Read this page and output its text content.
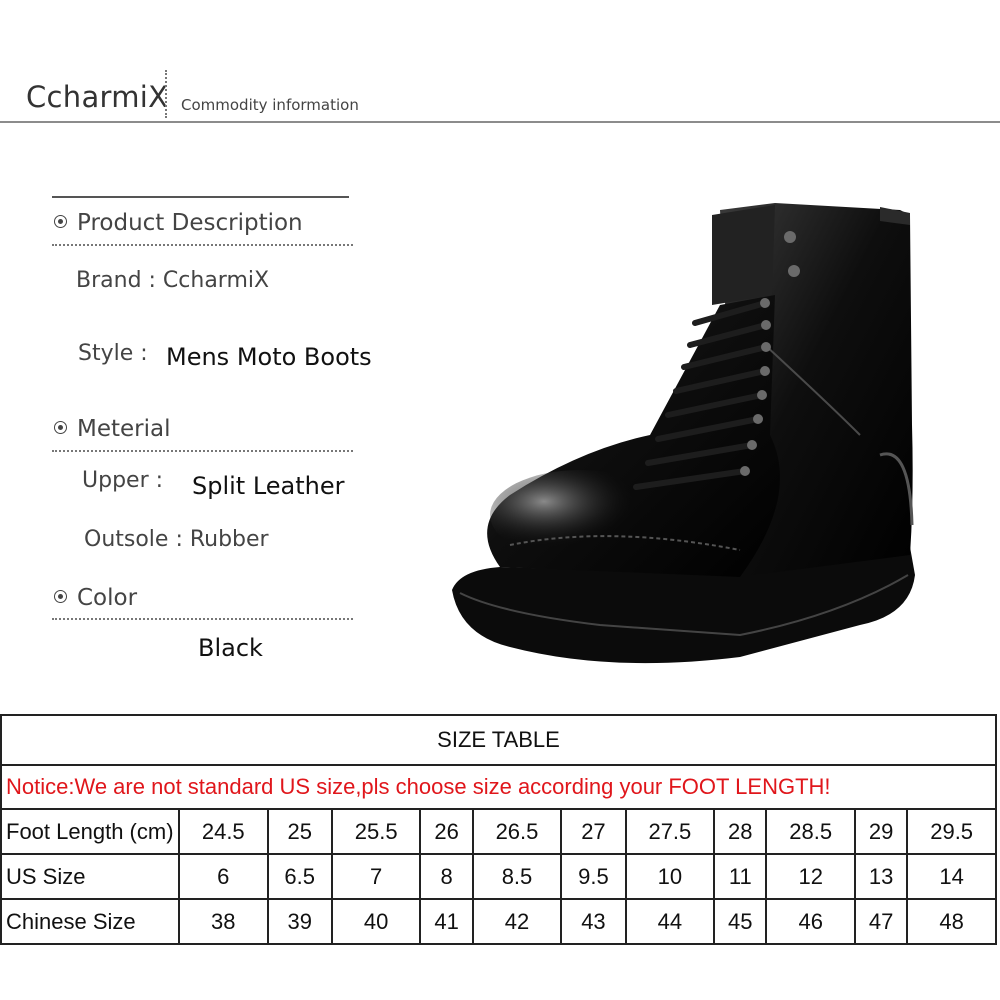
CcharmiX Commodity information
Product Description
Brand : CcharmiX
Style : Mens Moto Boots
Meterial
Upper : Split Leather
Outsole : Rubber
Color
Black
SIZE TABLE											
Notice:We are not standard US size,pls choose size according your FOOT LENGTH!											
Foot Length (cm)	24.5	25	25.5	26	26.5	27	27.5	28	28.5	29	29.5
US Size	6	6.5	7	8	8.5	9.5	10	11	12	13	14
Chinese Size	38	39	40	41	42	43	44	45	46	47	48
